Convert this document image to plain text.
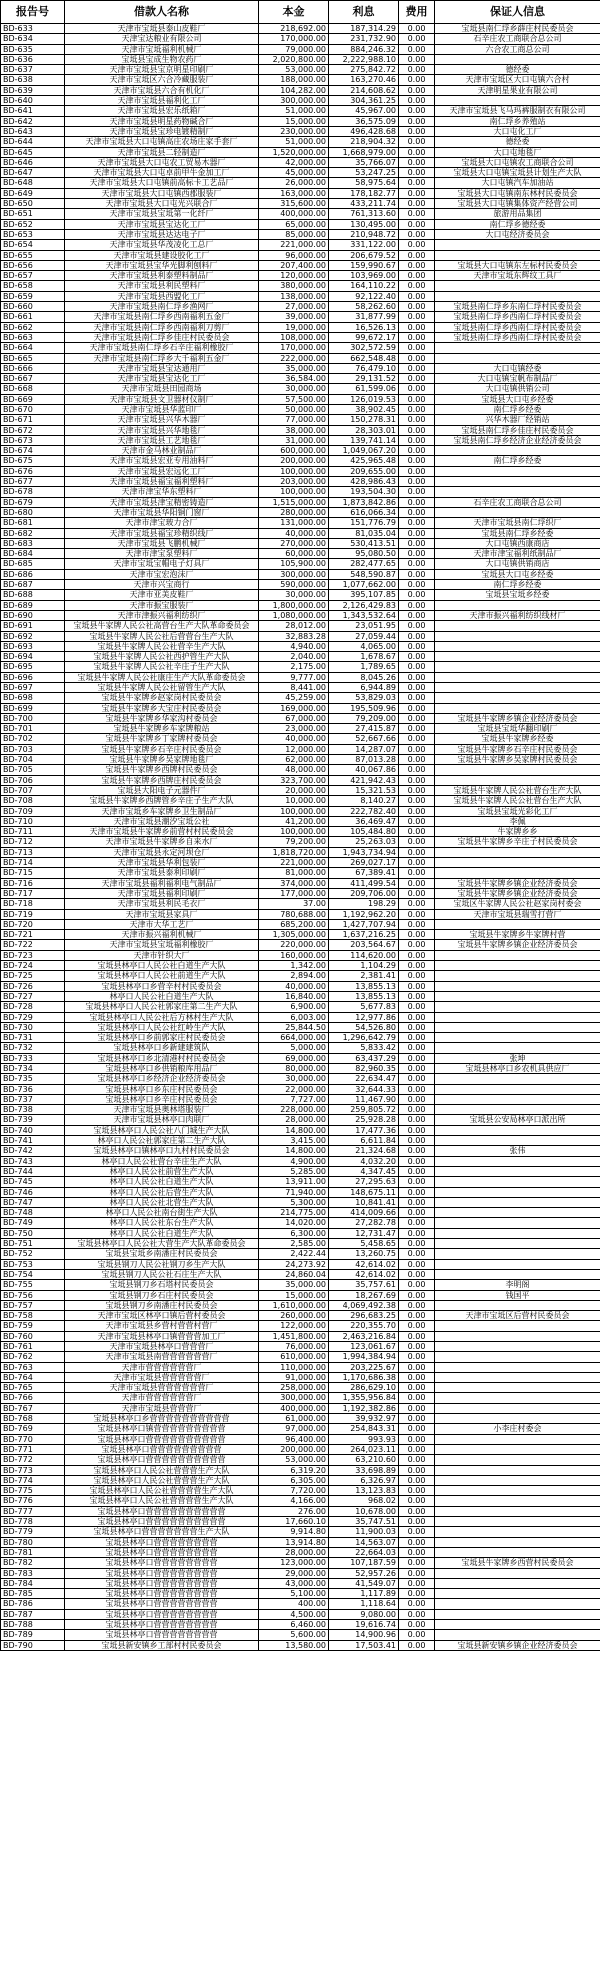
报告号	借款人名称	本金	利息	费用	保证人信息
BD-633	天津市宝坻县泰山皮鞋厂	218,692.00	187,314.29	0.00	宝坻县南仁垺乡薛庄村民委员会
BD-634	天津宝达粮业有限公司	170,000.00	231,732.90	0.00	石辛庄农工商联合总公司
BD-635	天津市宝坻福利机械厂	79,000.00	884,246.32	0.00	六合农工商总公司
BD-636	宝坻县宝成生物农药厂	2,020,800.00	2,222,988.10	0.00	
BD-637	天津市宝坻县宝京明星印刷厂	53,000.00	275,842.72	0.00	德经委
BD-638	天津市宝坻区六合冷藏服装厂	188,000.00	163,270.46	0.00	天津市宝坻区大口屯镇六合村
BD-639	天津市宝坻县六合有机化厂	104,282.00	214,608.62	0.00	天津明星果业有限公司
BD-640	天津市宝坻县福利化工厂	300,000.00	304,361.25	0.00	
BD-641	天津市宝坻县宏乐纸箱厂	51,000.00	45,967.00	0.00	天津市宝坻县飞马玛裤服制衣有限公司
BD-642	天津市宝坻县明星药物碱合厂	15,000.00	36,575.09	0.00	南仁垺乡养殖站
BD-643	天津市宝坻县宝珍电镀精制厂	230,000.00	496,428.68	0.00	大口屯化工厂
BD-644	天津市宝坻县大口屯镇高庄农场庄家手套厂	51,000.00	218,904.32	0.00	德经委
BD-645	天津市宝坻县二轻制造厂	1,520,000.00	1,668,979.00	0.00	大口屯地毯厂
BD-646	天津市宝坻县大口屯农工贸易木器厂	42,000.00	35,766.07	0.00	宝坻县大口屯镇农工商联合公司
BD-647	天津市宝坻县大口屯卓前甲牛金加工厂	45,000.00	53,247.25	0.00	宝坻县大口屯镇宝坻县计划生产大队
BD-648	天津市宝坻县大口屯镇前高标卡工艺品厂	26,000.00	58,975.64	0.00	大口屯镇汽车加油站
BD-649	天津市宝坻县大口屯镇西郡服装厂	163,000.00	178,182.77	0.00	宝坻县大口屯镇南东林村民委员会
BD-650	天津市宝坻县大口屯光兴联合厂	315,600.00	433,211.74	0.00	宝坻县大口屯镇集体资产经营公司
BD-651	天津市宝坻县宝坻第一化纤厂	400,000.00	761,313.60	0.00	旅游用品集团
BD-652	天津市宝坻县宝达化工厂	65,000.00	130,495.00	0.00	南仁垺乡德经委
BD-653	天津市宝坻县达达电子厂	85,000.00	210,948.72	0.00	大口屯经济委员会
BD-654	天津市宝坻县华茂凌化工总厂	221,000.00	331,122.00	0.00	
BD-655	天津市宝坻县建设胶化工厂	96,000.00	206,679.52	0.00	
BD-656	天津市宝坻县宝华光脚利刨料厂	207,400.00	159,990.67	0.00	宝坻县大口屯镇东左标村民委员会
BD-657	天津市宝坻县利泰塑料制品厂	120,000.00	103,969.00	0.00	天津市宝坻东辉纹工具厂
BD-658	天津市宝坻县利民塑料厂	380,000.00	164,110.22	0.00	
BD-659	天津市宝坻县西盟化工厂	138,000.00	92,122.40	0.00	
BD-660	天津市宝坻县南仁垺乡渔网厂	27,000.00	58,262.60	0.00	宝坻县南仁垺乡东南仁垺村民委员会
BD-661	天津市宝坻县南仁垺乡西南福利五金厂	39,000.00	31,877.99	0.00	宝坻县南仁垺乡西南仁垺村民委员会
BD-662	天津市宝坻县南仁垺乡西南福利刀剪厂	19,000.00	16,526.13	0.00	宝坻县南仁垺乡西南仁垺村民委员会
BD-663	天津市宝坻县南仁垺乡佳庄村民委员会	108,000.00	99,672.17	0.00	宝坻县南仁垺乡西南仁垺村民委员会
BD-664	天津市宝坻县南仁垺乡石辛庄福利橡胶厂	170,000.00	302,572.59	0.00	
BD-665	天津市宝坻县南仁垺乡大千福利五金厂	222,000.00	662,548.48	0.00	
BD-666	天津市宝坻县宝达通用厂	35,000.00	76,479.10	0.00	大口屯镇经委
BD-667	天津市宝坻县宝达化工厂	36,584.00	29,131.52	0.00	大口屯镇宝帆布制品厂
BD-668	天津市宝坻县田园商场	30,000.00	61,599.06	0.00	大口屯镇供销公司
BD-669	天津市宝坻县文卫器材仪制厂	57,500.00	126,019.53	0.00	宝坻县大口屯乡经委
BD-670	天津市宝坻县华蓝印厂	50,000.00	38,902.45	0.00	南仁垺乡经委
BD-671	天津市宝坻县兴华木器厂	77,000.00	150,278.31	0.00	兴华木器厂经销站
BD-672	天津市宝坻县兴华地毯厂	38,000.00	28,303.01	0.00	宝坻县南仁垺乡佳庄村民委员会
BD-673	天津市宝坻县工艺地毯厂	31,000.00	139,741.14	0.00	宝坻县南仁垺乡经济企业经济委员会
BD-674	天津市金马林业制品厂	600,000.00	1,049,067.20	0.00	
BD-675	天津市宝坻县宏亚专用油料厂	200,000.00	425,965.48	0.00	南仁垺乡经委
BD-676	天津市宝坻县宏远化工厂	100,000.00	209,655.00	0.00	
BD-677	天津市宝坻县福宝福利塑料厂	203,000.00	428,986.43	0.00	
BD-678	天津市津宝华东塑料厂	100,000.00	193,504.30	0.00	
BD-679	天津市宝坻县津宝精密铸造厂	1,515,000.00	1,873,842.86	0.00	石辛庄农工商联合总公司
BD-680	天津市宝坻县华阳铜门窗厂	280,000.00	616,066.34	0.00	
BD-681	天津市津宝玻力合厂	131,000.00	151,776.79	0.00	天津市宝坻县南仁垺织厂
BD-682	天津市宝坻县福宝珍精织线厂	40,000.00	81,035.04	0.00	宝坻县南仁垺乡经委
BD-683	天津市宝坻县飞鹏机械厂	270,000.00	530,413.51	0.00	大口屯镇西康商店
BD-684	天津市津宝泵塑料厂	60,000.00	95,080.50	0.00	天津市津宝福利纸制品厂
BD-685	天津市宝坻宝帽电子灯具厂	105,900.00	282,477.65	0.00	大口屯镇供销商店
BD-686	天津市宝宏泡沫厂	300,000.00	548,590.87	0.00	宝坻县大口屯乡经委
BD-687	天津市兴宝商行	590,000.00	1,077,662.00	0.00	南仁垺乡经委
BD-688	天津市亚美皮鞋厂	30,000.00	395,107.85	0.00	宝坻县宝坻乡经委
BD-689	天津市振宝服装厂	1,800,000.00	2,126,429.83	0.00	
BD-690	天津市津振兴福利纺织厂	1,080,000.00	1,343,532.64	0.00	天津市振兴福利纺织线材厂
BD-691	宝坻县牛家牌人民公社高营台生产大队革命委员会	28,012.00	23,051.95	0.00	
BD-692	宝坻县牛家牌人民公社后营营台生产大队	32,883.28	27,059.44	0.00	
BD-693	宝坻县牛家牌人民公社营辛生产大队	4,940.00	4,065.00	0.00	
BD-694	宝坻县牛家牌人民公社西护管生产大队	2,040.00	1,678.67	0.00	
BD-695	宝坻县牛家牌人民公社辛庄子生产大队	2,175.00	1,789.65	0.00	
BD-696	宝坻县牛家牌人民公社康庄生产大队革命委员会	9,777.00	8,045.26	0.00	
BD-697	宝坻县牛家牌人民公社留管生产大队	8,441.00	6,944.89	0.00	
BD-698	宝坻县牛家牌乡赵家岗村民委员会	45,259.00	53,829.03	0.00	
BD-699	宝坻县牛家牌乡大宝庄村民委员会	169,000.00	195,509.96	0.00	
BD-700	宝坻县牛家牌乡华家沟村委员会	67,000.00	79,209.00	0.00	宝坻县牛家牌乡镇企业经济委员会
BD-701	宝坻县牛家牌乡车家牌粮站	23,000.00	27,415.87	0.00	宝坻县宝坻华翻印刷厂
BD-702	宝坻县牛家牌乡丁家牌村委员会	40,000.00	52,667.66	0.00	宝坻县牛家牌乡经委
BD-703	宝坻县牛家牌乡石辛庄村民委员会	12,000.00	14,287.07	0.00	宝坻县牛家牌乡石辛庄村民委员会
BD-704	宝坻县牛家牌乡吴家牌地毯厂	62,000.00	87,013.28	0.00	宝坻县牛家牌乡吴家牌村民委员会
BD-705	宝坻县牛家牌乡西牌村民委员会	48,000.00	40,067.86	0.00	
BD-706	宝坻县牛家牌乡西牌庄村民委员会	323,700.00	421,942.43	0.00	
BD-707	宝坻县大阳电子元器件厂	20,000.00	15,321.53	0.00	宝坻县牛家牌人民公社营台生产大队
BD-708	宝坻县牛家牌乡西牌管乡辛庄子生产大队	10,000.00	8,140.27	0.00	宝坻县牛家牌人民公社营台生产大队
BD-709	天津市宝坻乡车家牌乡卫生制品厂	100,000.00	222,782.40	0.00	宝坻县宝坻光彩化工厂
BD-710	天津市宝坻县潮汐宝坻公社	41,200.00	36,469.47	0.00	李佩
BD-711	天津市宝坻县牛家牌乡前营村村民委员会	100,000.00	105,484.80	0.00	牛家牌乡乡
BD-712	天津市宝坻县牛家牌乡自来水厂	79,200.00	25,263.03	0.00	宝坻县牛家牌乡辛庄子村民委员会
BD-713	天津市宝坻县永定河坝仓厂	1,818,720.00	1,943,734.94	0.00	
BD-714	天津市宝坻县华利包装厂	221,000.00	269,027.17	0.00	
BD-715	天津市宝坻县泰利印刷厂	81,000.00	67,389.41	0.00	
BD-716	天津市宝坻县福利福利电气制品厂	374,000.00	411,499.54	0.00	宝坻县牛家牌乡镇企业经济委员会
BD-717	天津市宝坻县福利印刷厂	177,000.00	209,706.00	0.00	宝坻县牛家牌乡镇企业经济委员会
BD-718	天津市宝坻县利民毛衣厂	37.00	198.29	0.00	宝坻区牛家牌人民公社赵家岗村委会
BD-719	天津市宝坻县家具厂	780,688.00	1,192,962.20	0.00	天津市宝坻县瑞雪打营厂
BD-720	天津市大华工艺厂	685,200.00	1,427,707.94	0.00	
BD-721	天津市振兴福利机械厂	1,305,000.00	1,637,216.25	0.00	宝坻县牛家牌乡牛家牌村营
BD-722	天津市宝坻县宝坻福利橡胶厂	220,000.00	203,564.67	0.00	宝坻县牛家牌乡镇企业经济委员会
BD-723	天津市针织大厂	160,000.00	114,620.00	0.00	
BD-724	宝坻县林亭口人民公社白道生产大队	1,342.00	1,104.29	0.00	
BD-725	宝坻县林亭口人民公社前道生产大队	2,894.00	2,381.41	0.00	
BD-726	宝坻县林亭口乡营辛村村民委员会	40,000.00	13,855.13	0.00	
BD-727	林亭口人民公社白道生产大队	16,840.00	13,855.13	0.00	
BD-728	宝坻县林亭口人民公社郭家庄第二生产大队	6,900.00	5,677.83	0.00	
BD-729	宝坻县林亭口人民公社后方林村生产大队	6,003.00	12,977.86	0.00	
BD-730	宝坻县林亭口人民公社红岭生产大队	25,844.50	54,526.80	0.00	
BD-731	宝坻县林亭口乡前郭家庄村民委员会	664,000.00	1,296,642.79	0.00	
BD-732	宝坻县林亭口乡新建建筑队	5,000.00	5,833.42	0.00	
BD-733	宝坻县林亭口乡北清港村村民委员会	69,000.00	63,437.29	0.00	张坤
BD-734	宝坻县林亭口乡供销粮库用品厂	80,000.00	82,960.35	0.00	宝坻县林亭口乡农机具供应厂
BD-735	宝坻县林亭口乡经济企业经济委员会	30,000.00	22,634.47	0.00	
BD-736	宝坻县林亭口乡东庄村民委员会	22,000.00	32,644.33	0.00	
BD-737	宝坻县林亭口乡辛庄村民委员会	7,727.00	11,467.90	0.00	
BD-738	天津市宝坻县奥林塔服装厂	228,000.00	259,805.72	0.00	
BD-739	天津市宝坻县林亭口肉联厂	28,000.00	25,928.28	0.00	宝坻县公安局林亭口派出所
BD-740	宝坻县林亭口人民公社八门城生产大队	14,800.00	17,477.36	0.00	
BD-741	林亭口人民公社郭家庄第二生产大队	3,415.00	6,611.84	0.00	
BD-742	宝坻县林亭口镇林亭口九村村民委员会	14,800.00	21,324.68	0.00	张伟
BD-743	林亭口人民公社营台辛庄生产大队	4,900.00	4,032.20	0.00	
BD-744	林亭口人民公社前营生产大队	5,285.00	4,347.45	0.00	
BD-745	林亭口人民公社白道生产大队	13,911.00	27,295.63	0.00	
BD-746	林亭口人民公社后营生产大队	71,940.00	148,675.11	0.00	
BD-747	林亭口人民公社北营生产大队	5,300.00	10,841.41	0.00	
BD-748	林亭口人民公社南台街生产大队	214,775.00	414,009.66	0.00	
BD-749	林亭口人民公社东台生产大队	14,020.00	27,282.78	0.00	
BD-750	林亭口人民公社白道生产大队	6,300.00	12,731.47	0.00	
BD-751	宝坻县林亭口人民公社大营生产大队革命委员会	2,585.00	5,458.65	0.00	
BD-752	宝坻县宝坻乡南潘庄村民委员会	2,422.44	13,260.75	0.00	
BD-753	宝坻县钢刀人民公社钢刀乡生产大队	24,273.92	42,614.02	0.00	
BD-754	宝坻县钢刀人民公社石庄生产大队	24,860.04	42,614.02	0.00	
BD-755	宝坻县钢刀乡石塔村民委员会	35,000.00	35,757.61	0.00	李明阁
BD-756	宝坻县钢刀乡石庄村民委员会	15,000.00	18,267.69	0.00	钱国平
BD-757	宝坻县钢刀乡南潘庄村民委员会	1,610,000.00	4,069,492.38	0.00	
BD-758	天津市宝坻区林亭口镇后营村委员会	260,000.00	296,683.25	0.00	天津市宝坻区后营村民委员会
BD-759	天津市宝坻县乡营村营营村营厂	122,000.00	220,355.70	0.00	
BD-760	天津市宝坻县林亭口镇营营营加工厂	1,451,800.00	2,463,216.84	0.00	
BD-761	天津市宝坻县林亭口营营营厂	76,000.00	123,061.67	0.00	
BD-762	天津市宝坻县南营营营营营营厂	610,000.00	1,994,384.94	0.00	
BD-763	天津市营营营营营营厂	110,000.00	203,225.67	0.00	
BD-764	天津市宝坻县营营营营营厂	91,000.00	1,170,686.38	0.00	
BD-765	天津市宝坻县营营营营营营厂	258,000.00	286,629.10	0.00	
BD-766	天津市营营营营营营厂	300,000.00	1,355,956.84	0.00	
BD-767	天津市宝坻县营营营厂	400,000.00	1,192,382.86	0.00	
BD-768	宝坻县林亭口乡营营营营营营营营营营	61,000.00	39,932.97	0.00	
BD-769	宝坻县林亭口镇营营营营营营营营营	97,000.00	254,843.31	0.00	小李庄村委会
BD-770	宝坻县林亭口营营营营营营营营营营	96,400.00	993.93	0.00	
BD-771	宝坻县林亭口营营营营营营营营营	200,000.00	264,023.11	0.00	
BD-772	宝坻县林亭口营营营营营营营营营营	53,000.00	63,210.60	0.00	
BD-773	宝坻县林亭口人民公社营营营生产大队	6,319.20	33,698.89	0.00	
BD-774	宝坻县林亭口人民公社营营营生产大队	6,305.00	6,326.97	0.00	
BD-775	宝坻县林亭口人民公社营营营营生产大队	7,720.00	13,123.83	0.00	
BD-776	宝坻县林亭口人民公社营营营营生产大队	4,166.00	968.02	0.00	
BD-777	宝坻县林亭口营营营营营营营营营营	276.00	10,678.00	0.00	
BD-778	宝坻县林亭口营营营营营营营营营营	17,660.10	35,747.51	0.00	
BD-779	宝坻县林亭口营营营营营营营生产大队	9,914.80	11,900.03	0.00	
BD-780	宝坻县林亭口营营营营营营营营	13,914.80	14,563.07	0.00	
BD-781	宝坻县林亭口营营营营营营营营	28,000.00	22,664.03	0.00	
BD-782	宝坻县林亭口营营营营营营营营	123,000.00	107,187.59	0.00	宝坻县牛家牌乡西营村民委员会
BD-783	宝坻县林亭口营营营营营营营营	29,000.00	52,957.26	0.00	
BD-784	宝坻县林亭口营营营营营营营营	43,000.00	41,549.07	0.00	
BD-785	宝坻县林亭口营营营营营营营营	5,100.00	1,117.89	0.00	
BD-786	宝坻县林亭口营营营营营营营营	400.00	1,118.64	0.00	
BD-787	宝坻县林亭口营营营营营营营营	4,500.00	9,080.00	0.00	
BD-788	宝坻县林亭口营营营营营营营营	6,460.00	19,616.74	0.00	
BD-789	宝坻县林亭口营营营营营营营营	5,600.00	14,900.96	0.00	
BD-790	宝坻县新安镇乡工部村村民委员会	13,580.00	17,503.41	0.00	宝坻县新安镇乡镇企业经济委员会
